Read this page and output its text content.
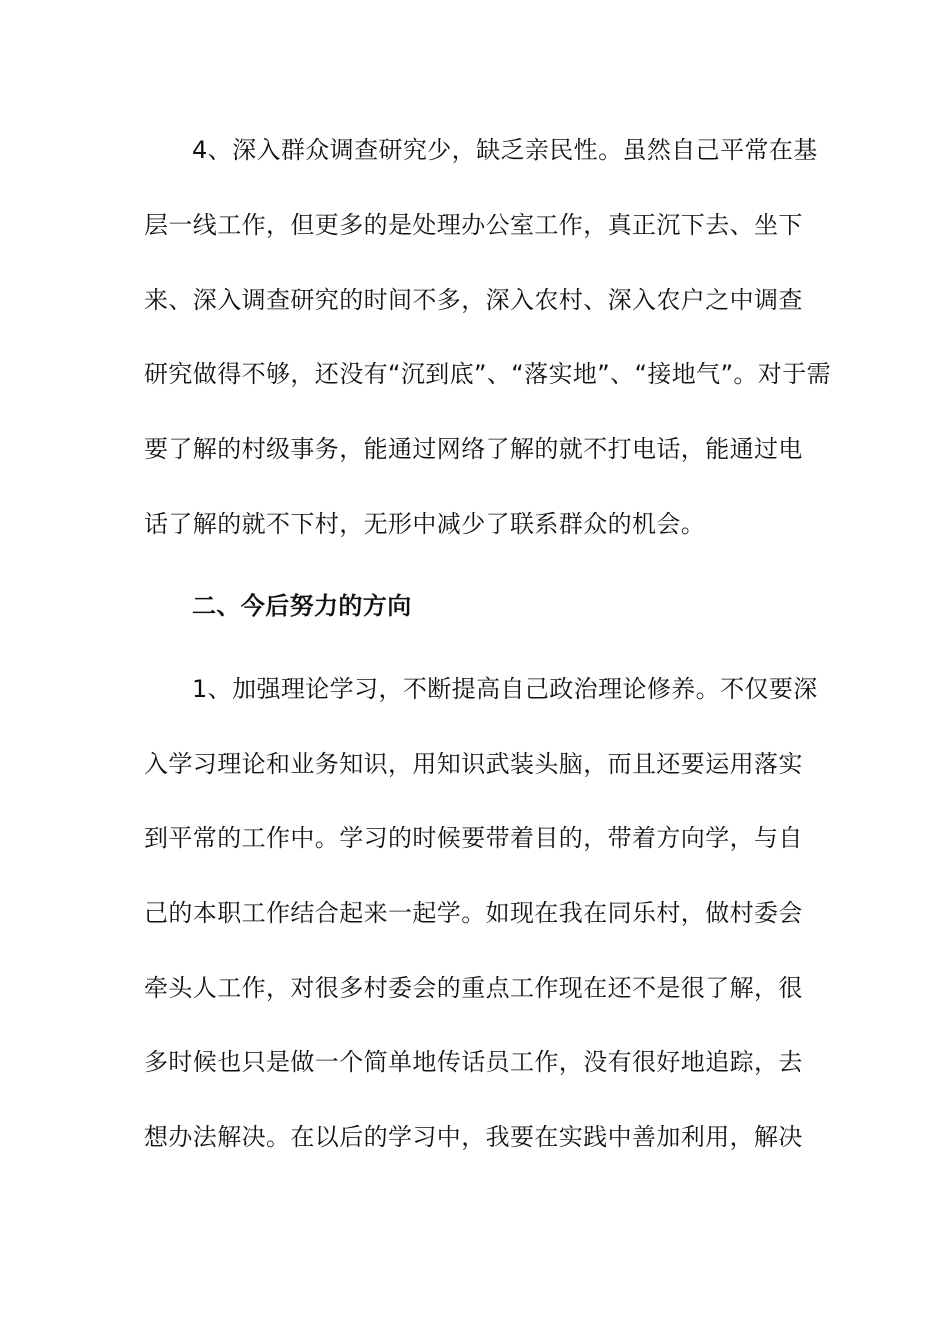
4、深入群众调查研究少，缺乏亲民性。虽然自己平常在基
层一线工作，但更多的是处理办公室工作，真正沉下去、坐下
来、深入调查研究的时间不多，深入农村、深入农户之中调查
研究做得不够，还没有“沉到底”、“落实地”、“接地气”。对于需
要了解的村级事务，能通过网络了解的就不打电话，能通过电
话了解的就不下村，无形中减少了联系群众的机会。
二、今后努力的方向
1、加强理论学习，不断提高自己政治理论修养。不仅要深
入学习理论和业务知识，用知识武装头脑，而且还要运用落实
到平常的工作中。学习的时候要带着目的，带着方向学，与自
己的本职工作结合起来一起学。如现在我在同乐村，做村委会
牵头人工作，对很多村委会的重点工作现在还不是很了解，很
多时候也只是做一个简单地传话员工作，没有很好地追踪，去
想办法解决。在以后的学习中，我要在实践中善加利用，解决
